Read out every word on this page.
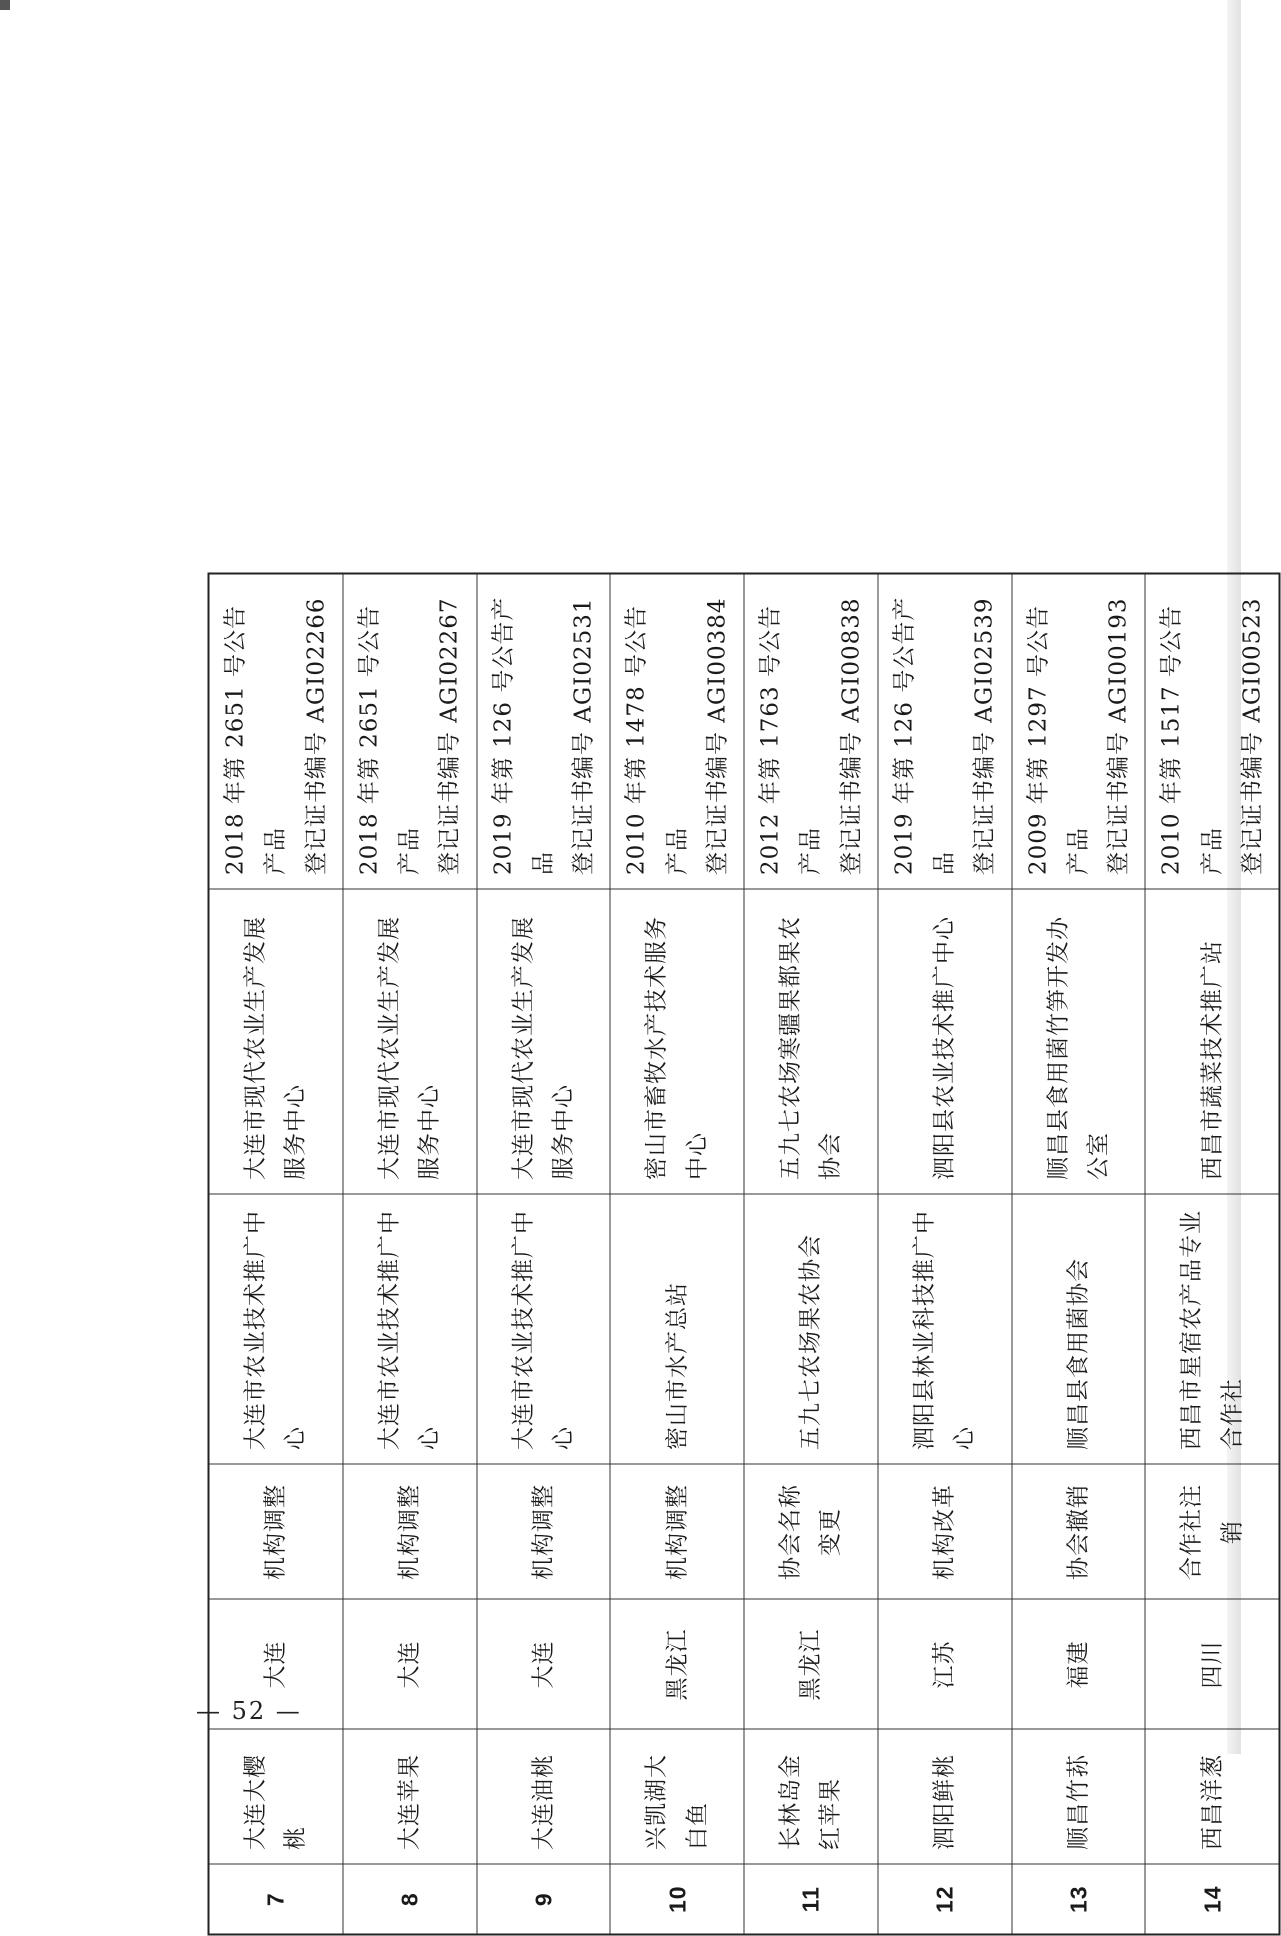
7	大连大樱桃	大连	机构调整	大连市农业技术推广中心	大连市现代农业生产发展服务中心	2018 年第 2651 号公告产品 登记证书编号 AGI02266

8	大连苹果	大连	机构调整	大连市农业技术推广中心	大连市现代农业生产发展服务中心	2018 年第 2651 号公告产品 登记证书编号 AGI02267

9	大连油桃	大连	机构调整	大连市农业技术推广中心	大连市现代农业生产发展服务中心	2019 年第 126 号公告产品 登记证书编号 AGI02531

10	兴凯湖大白鱼	黑龙江	机构调整	密山市水产总站	密山市畜牧水产技术服务中心	2010 年第 1478 号公告产品 登记证书编号 AGI00384

11	长林岛金红苹果	黑龙江	协会名称变更	五九七农场果农协会	五九七农场寒疆果都果农协会	2012 年第 1763 号公告产品 登记证书编号 AGI00838

12	泗阳鲜桃	江苏	机构改革	泗阳县林业科技推广中心	泗阳县农业技术推广中心	2019 年第 126 号公告产品 登记证书编号 AGI02539

13	顺昌竹荪	福建	协会撤销	顺昌县食用菌协会	顺昌县食用菌竹笋开发办公室	2009 年第 1297 号公告产品 登记证书编号 AGI00193

14	西昌洋葱	四川	合作社注销	西昌市星宿农产品专业合作社	西昌市蔬菜技术推广站	2010 年第 1517 号公告产品 登记证书编号 AGI00523
— 52 —
